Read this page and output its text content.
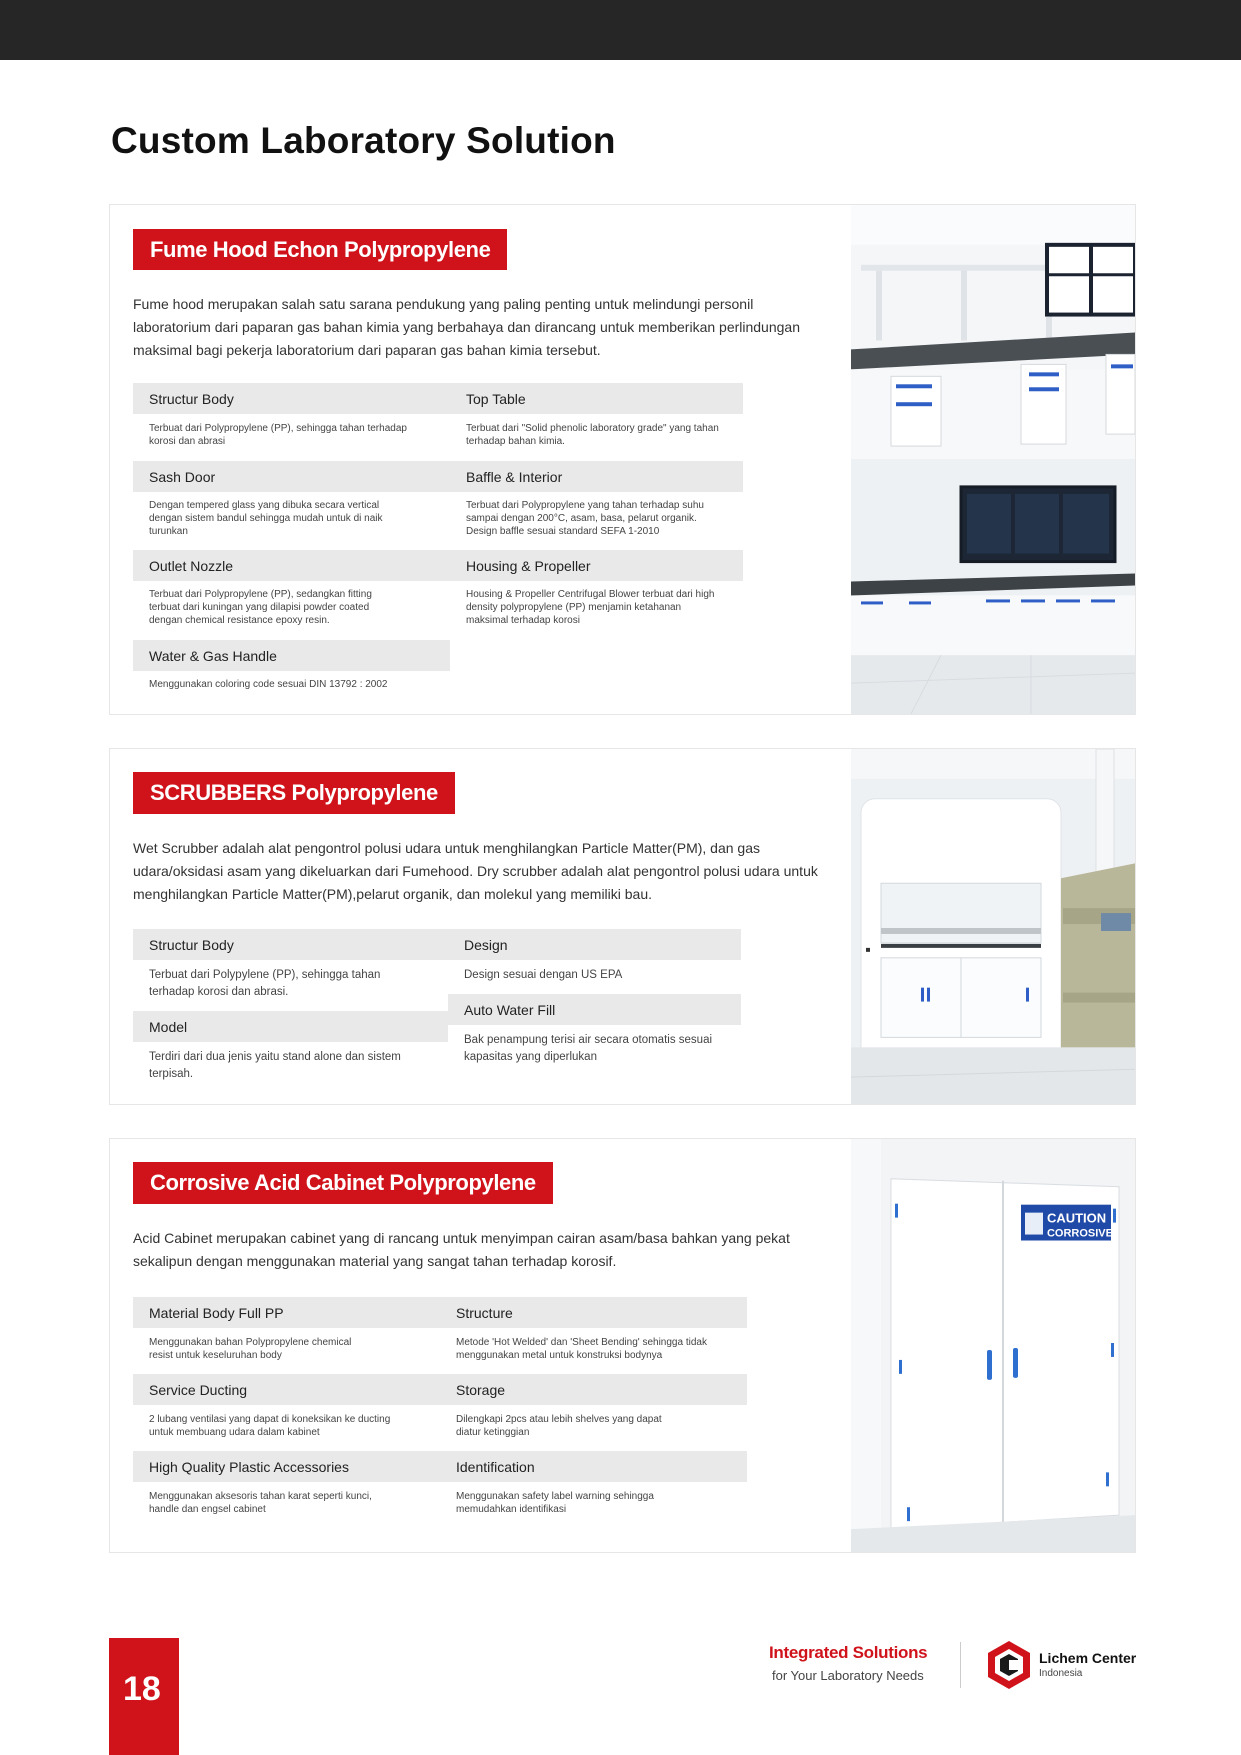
Custom Laboratory Solution
Fume Hood Echon Polypropylene

Fume hood merupakan salah satu sarana pendukung yang paling penting untuk melindungi personil laboratorium dari paparan gas bahan kimia yang berbahaya dan dirancang untuk memberikan perlindungan maksimal bagi pekerja laboratorium dari paparan gas bahan kimia tersebut.

Structur Body
Terbuat dari Polypropylene (PP), sehingga tahan terhadap korosi dan abrasi
Top Table
Terbuat dari "Solid phenolic laboratory grade" yang tahan terhadap bahan kimia.
Sash Door
Dengan tempered glass yang dibuka secara vertical dengan sistem bandul sehingga mudah untuk di naik turunkan
Baffle & Interior
Terbuat dari Polypropylene yang tahan terhadap suhu sampai dengan 200°C, asam, basa, pelarut organik. Design baffle sesuai standard SEFA 1-2010
Outlet Nozzle
Terbuat dari Polypropylene (PP), sedangkan fitting terbuat dari kuningan yang dilapisi powder coated dengan chemical resistance epoxy resin.
Housing & Propeller
Housing & Propeller Centrifugal Blower terbuat dari high density polypropylene (PP) menjamin ketahanan maksimal terhadap korosi
Water & Gas Handle
Menggunakan coloring code sesuai DIN 13792 : 2002
SCRUBBERS Polypropylene

Wet Scrubber adalah alat pengontrol polusi udara untuk menghilangkan Particle Matter(PM), dan gas udara/oksidasi asam yang dikeluarkan dari Fumehood. Dry scrubber adalah alat pengontrol polusi udara untuk menghilangkan Particle Matter(PM),pelarut organik, dan molekul yang memiliki bau.

Structur Body
Terbuat dari Polypylene (PP), sehingga tahan terhadap korosi dan abrasi.
Design
Design sesuai dengan US EPA
Model
Terdiri dari dua jenis yaitu stand alone dan sistem terpisah.
Auto Water Fill
Bak penampung terisi air secara otomatis sesuai kapasitas yang diperlukan
Corrosive Acid Cabinet Polypropylene

Acid Cabinet merupakan cabinet yang di rancang untuk menyimpan cairan asam/basa bahkan yang pekat sekalipun dengan menggunakan material yang sangat tahan terhadap korosif.

Material Body Full PP
Menggunakan bahan Polypropylene chemical resist untuk keseluruhan body
Structure
Metode 'Hot Welded' dan 'Sheet Bending' sehingga tidak menggunakan metal untuk konstruksi bodynya
Service Ducting
2 lubang ventilasi yang dapat di koneksikan ke ducting untuk membuang udara dalam kabinet
Storage
Dilengkapi 2pcs atau lebih shelves yang dapat diatur ketinggian
High Quality Plastic Accessories
Menggunakan aksesoris tahan karat seperti kunci, handle dan engsel cabinet
Identification
Menggunakan safety label warning sehingga memudahkan identifikasi
CAUTION
CORROSIVE
18
Integrated Solutions
for Your Laboratory Needs
Lichem Center
Indonesia
